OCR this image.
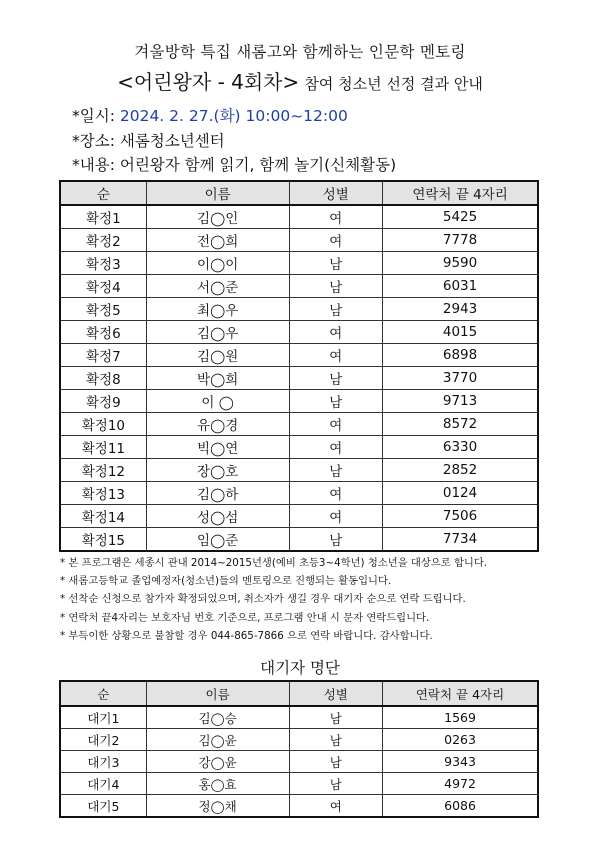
겨울방학 특집 새롬고와 함께하는 인문학 멘토링
<어린왕자 - 4회차> 참여 청소년 선정 결과 안내
*일시: 2024. 2. 27.(화) 10:00~12:00
*장소: 새롬청소년센터
*내용: 어린왕자 함께 읽기, 함께 놀기(신체활동)
순	이름	성별	연락처 끝 4자리
확정1	김◯인	여	5425
확정2	전◯희	여	7778
확정3	이◯이	남	9590
확정4	서◯준	남	6031
확정5	최◯우	남	2943
확정6	김◯우	여	4015
확정7	김◯원	여	6898
확정8	박◯희	남	3770
확정9	이 ◯	남	9713
확정10	유◯경	여	8572
확정11	빅◯연	여	6330
확정12	장◯호	남	2852
확정13	김◯하	여	0124
확정14	성◯섬	여	7506
확정15	임◯준	남	7734
* 본 프로그램은 세종시 관내 2014~2015년생(예비 초등3~4학년) 청소년을 대상으로 합니다.
* 새롬고등학교 졸업예정자(청소년)들의 멘토링으로 진행되는 활동입니다.
* 선착순 신청으로 참가자 확정되었으며, 취소자가 생길 경우 대기자 순으로 연락 드립니다.
* 연락처 끝4자리는 보호자님 번호 기준으로, 프로그램 안내 시 문자 연락드립니다.
* 부득이한 상황으로 불참할 경우 044-865-7866 으로 연락 바랍니다. 감사합니다.
대기자 명단
순	이름	성별	연락처 끝 4자리
대기1	김◯승	남	1569
대기2	김◯윤	남	0263
대기3	강◯윤	남	9343
대기4	홍◯효	남	4972
대기5	정◯채	여	6086
